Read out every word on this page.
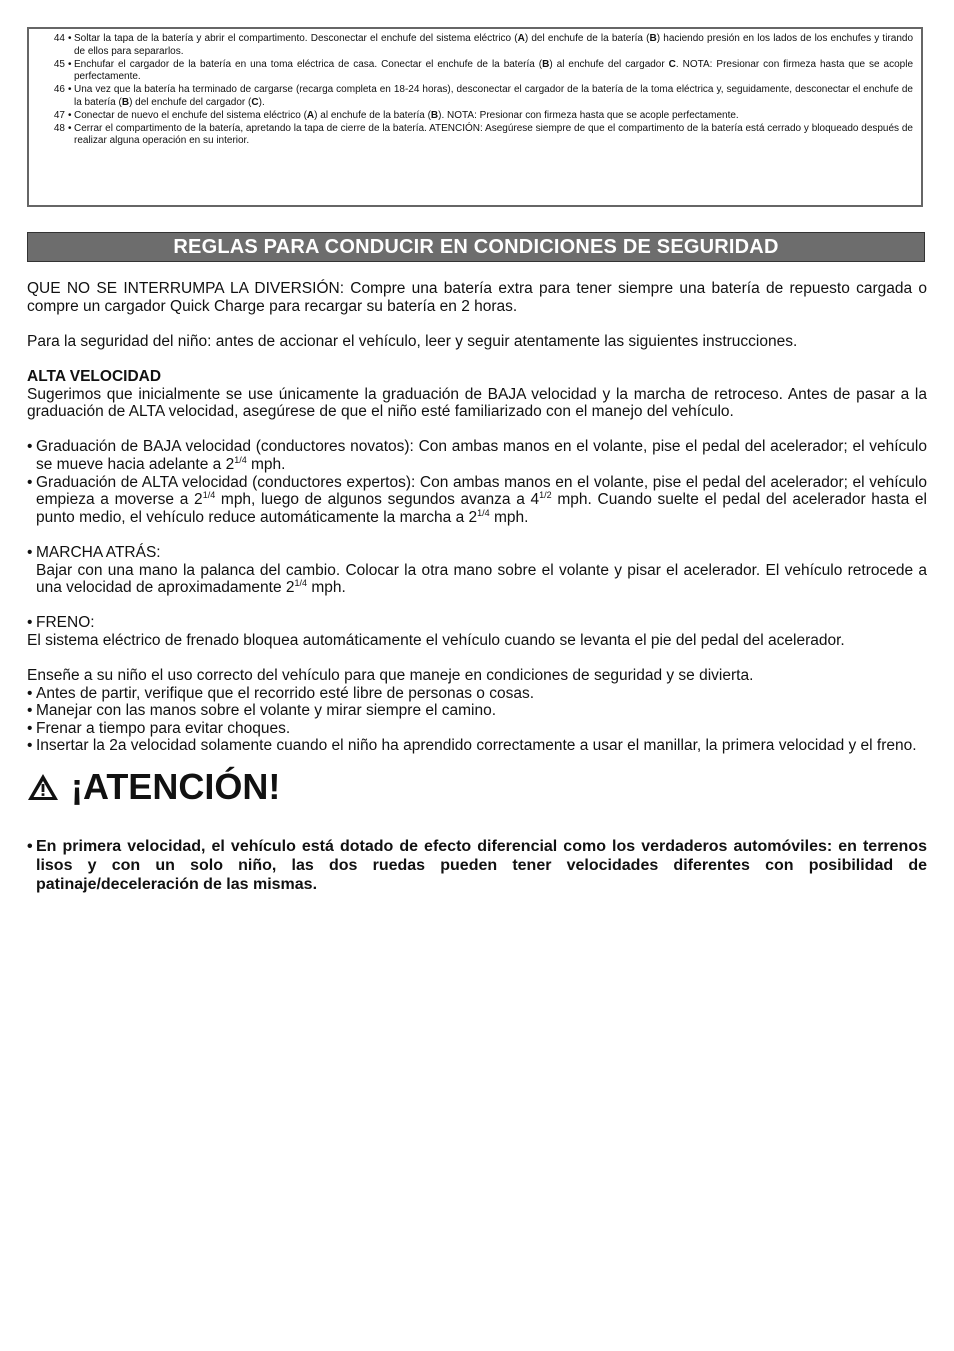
44 • Soltar la tapa de la batería y abrir el compartimento. Desconectar el enchufe del sistema eléctrico (A) del enchufe de la batería (B) haciendo presión en los lados de los enchufes y tirando de ellos para separarlos.
45 • Enchufar el cargador de la batería en una toma eléctrica de casa. Conectar el enchufe de la batería (B) al enchufe del cargador C. NOTA: Presionar con firmeza hasta que se acople perfectamente.
46 • Una vez que la batería ha terminado de cargarse (recarga completa en 18-24 horas), desconectar el cargador de la batería de la toma eléctrica y, seguidamente, desconectar el enchufe de la batería (B) del enchufe del cargador (C).
47 • Conectar de nuevo el enchufe del sistema eléctrico (A) al enchufe de la batería (B). NOTA: Presionar con firmeza hasta que se acople perfectamente.
48 • Cerrar el compartimento de la batería, apretando la tapa de cierre de la batería. ATENCIÓN: Asegúrese siempre de que el compartimento de la batería está cerrado y bloqueado después de realizar alguna operación en su interior.
REGLAS PARA CONDUCIR EN CONDICIONES DE SEGURIDAD

QUE NO SE INTERRUMPA LA DIVERSIÓN: Compre una batería extra para tener siempre una batería de repuesto cargada o compre un cargador Quick Charge para recargar su batería en 2 horas.

Para la seguridad del niño: antes de accionar el vehículo, leer y seguir atentamente las siguientes instrucciones.

ALTA VELOCIDAD

Sugerimos que inicialmente se use únicamente la graduación de BAJA velocidad y la marcha de retroceso. Antes de pasar a la graduación de ALTA velocidad, asegúrese de que el niño esté familiarizado con el manejo del vehículo.

• Graduación de BAJA velocidad (conductores novatos): Con ambas manos en el volante, pise el pedal del acelerador; el vehículo se mueve hacia adelante a $2^{1/4}$ mph.
• Graduación de ALTA velocidad (conductores expertos): Con ambas manos en el volante, pise el pedal del acelerador; el vehículo empieza a moverse a $2^{1/4}$ mph, luego de algunos segundos avanza a $4^{1/2}$ mph. Cuando suelte el pedal del acelerador hasta el punto medio, el vehículo reduce automáticamente la marcha a $2^{1/4}$ mph.
• MARCHA ATRÁS:

Bajar con una mano la palanca del cambio. Colocar la otra mano sobre el volante y pisar el acelerador. El vehículo retrocede a una velocidad de aproximadamente $2^{1/4}$ mph.

• FRENO:

El sistema eléctrico de frenado bloquea automáticamente el vehículo cuando se levanta el pie del pedal del acelerador.

Enseñe a su niño el uso correcto del vehículo para que maneje en condiciones de seguridad y se divierta.

• Antes de partir, verifique que el recorrido esté libre de personas o cosas.
• Manejar con las manos sobre el volante y mirar siempre el camino.
• Frenar a tiempo para evitar choques.
• Insertar la 2a velocidad solamente cuando el niño ha aprendido correctamente a usar el manillar, la primera velocidad y el freno.
¡ATENCIÓN!
• En primera velocidad, el vehículo está dotado de efecto diferencial como los verdaderos automóviles: en terrenos lisos y con un solo niño, las dos ruedas pueden tener velocidades diferentes con posibilidad de patinaje/deceleración de las mismas.
